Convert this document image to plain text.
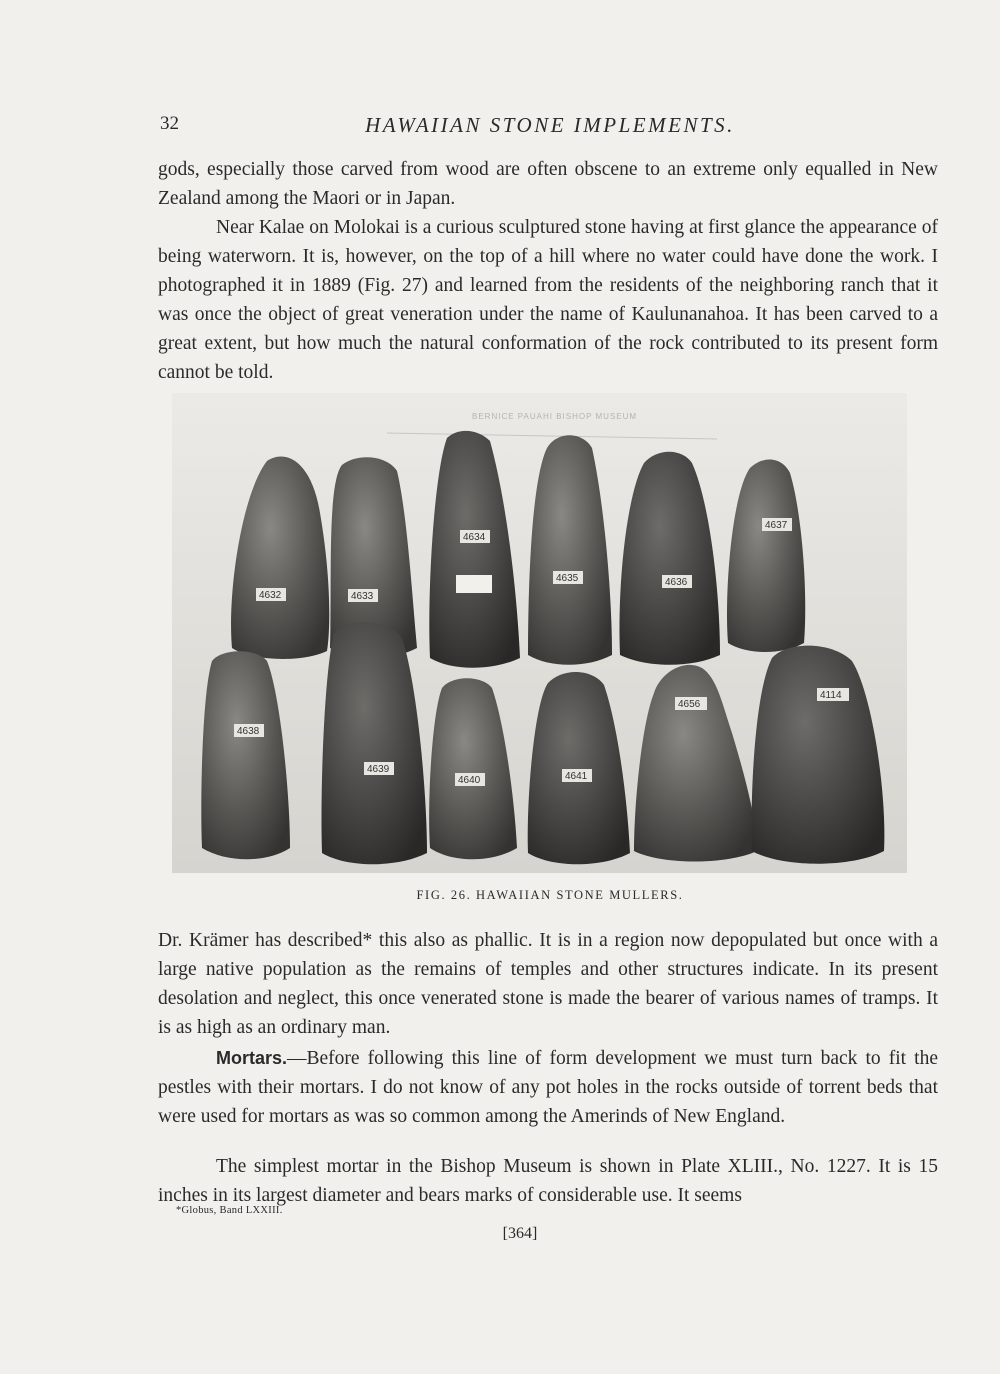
32	HAWAIIAN STONE IMPLEMENTS.

gods, especially those carved from wood are often obscene to an extreme only equalled in New Zealand among the Maori or in Japan.

Near Kalae on Molokai is a curious sculptured stone having at first glance the appearance of being waterworn. It is, however, on the top of a hill where no water could have done the work. I photographed it in 1889 (Fig. 27) and learned from the residents of the neighboring ranch that it was once the object of great veneration under the name of Kaulunanahoa. It has been carved to a great extent, but how much the natural conformation of the rock contributed to its present form cannot be told.

BERNICE PAUAHI BISHOP MUSEUM
4632	4633
4634
4635	4636
4637
4638
4639
4640	4641
4656
4114
FIG. 26. HAWAIIAN STONE MULLERS.

Dr. Krämer has described* this also as phallic. It is in a region now depopulated but once with a large native population as the remains of temples and other structures indicate. In its present desolation and neglect, this once venerated stone is made the bearer of various names of tramps. It is as high as an ordinary man.

Mortars.—Before following this line of form development we must turn back to fit the pestles with their mortars. I do not know of any pot holes in the rocks outside of torrent beds that were used for mortars as was so common among the Amerinds of New England.

The simplest mortar in the Bishop Museum is shown in Plate XLIII., No. 1227. It is 15 inches in its largest diameter and bears marks of considerable use. It seems

*Globus, Band LXXIII.
[364]
